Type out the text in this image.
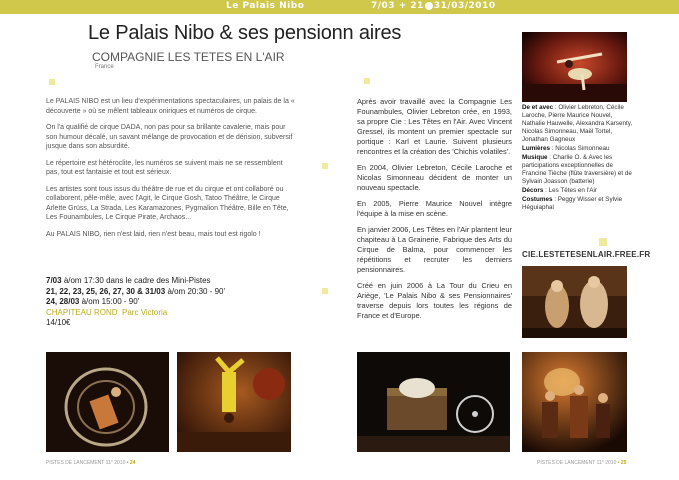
Le Palais Nibo	7/03 + 21 31/03/2010
Le Palais Nibo & ses pensionn aires
COMPAGNIE LES TETES EN L'AIR
France

Le PALAIS NIBO est un lieu d'expérimentations spectaculaires, un palais de la « découverte » où se mêlent tableaux oniriques et numéros de cirque.

On l'a qualifié de cirque DADA, non pas pour sa brillante cavalerie, mais pour son humour décalé, un savant mélange de provocation et de dérision, subversif jusque dans son absurdité.

Le répertoire est hétéroclite, les numéros se suivent mais ne se ressemblent pas, tout est fantaisie et tout est sérieux.

Les artistes sont tous issus du théâtre de rue et du cirque et ont collaboré ou collaborent, pêle-mêle, avec l'Agit, le Cirque Gosh, Tatoo Théâtre, le Cirque Arlette Grüss, La Strada, Les Karamazones, Pygmalion Théâtre, Bille en Tête, Les Founambules, Le Cirque Pirate, Archaos...

Au PALAIS NIBO, rien n'est laid, rien n'est beau, mais tout est rigolo !

7/03 à/om 17:30 dans le cadre des Mini-Pistes
21, 22, 23, 25, 26, 27, 30 & 31/03 à/om 20:30 - 90'
24, 28/03 à/om 15:00 - 90'
CHAPITEAU ROND Parc Victoria
14/10€

Après avoir travaillé avec la Compagnie Les Founambules, Olivier Lebreton crée, en 1993, sa propre Cie : Les Têtes en l'Air. Avec Vincent Gressel, ils montent un premier spectacle sur portique : Karl et Laurie. Suivent plusieurs rencontres et la création des 'Chichis volatiles'.

En 2004, Olivier Lebreton, Cécile Laroche et Nicolas Simonneau décident de monter un nouveau spectacle.

En 2005, Pierre Maurice Nouvel intègre l'équipe à la mise en scène.

En janvier 2006, Les Têtes en l'Air plantent leur chapiteau à La Grainerie, Fabrique des Arts du Cirque de Balma, pour commencer les répétitions et recruter les derniers pensionnaires.

Créé en juin 2006 à La Tour du Crieu en Ariège, 'Le Palais Nibo & ses Pensionnaires' traverse depuis lors toutes les régions de France et d'Europe.

De et avec : Olivier Lebreton, Cécile Laroche, Pierre Maurice Nouvel, Nathalie Hauwelle, Alexandra Karsenty, Nicolas Simonneau, Maël Tortel, Jonathan Gagneux
Lumières : Nicolas Simonneau
Musique : Charlie O. & Avec les participations exceptionnelles de Francine Tièche (flûte traversière) et de Sylvain Joasson (batterie)
Décors : Les Têtes en l'Air
Costumes : Peggy Wisser et Sylvie Héguiaphal
CIE.LESTETESENLAIR.FREE.FR
PISTES DE LANCEMENT 11° 2010 • 24	PISTES DE LANCEMENT 11° 2010 • 25
